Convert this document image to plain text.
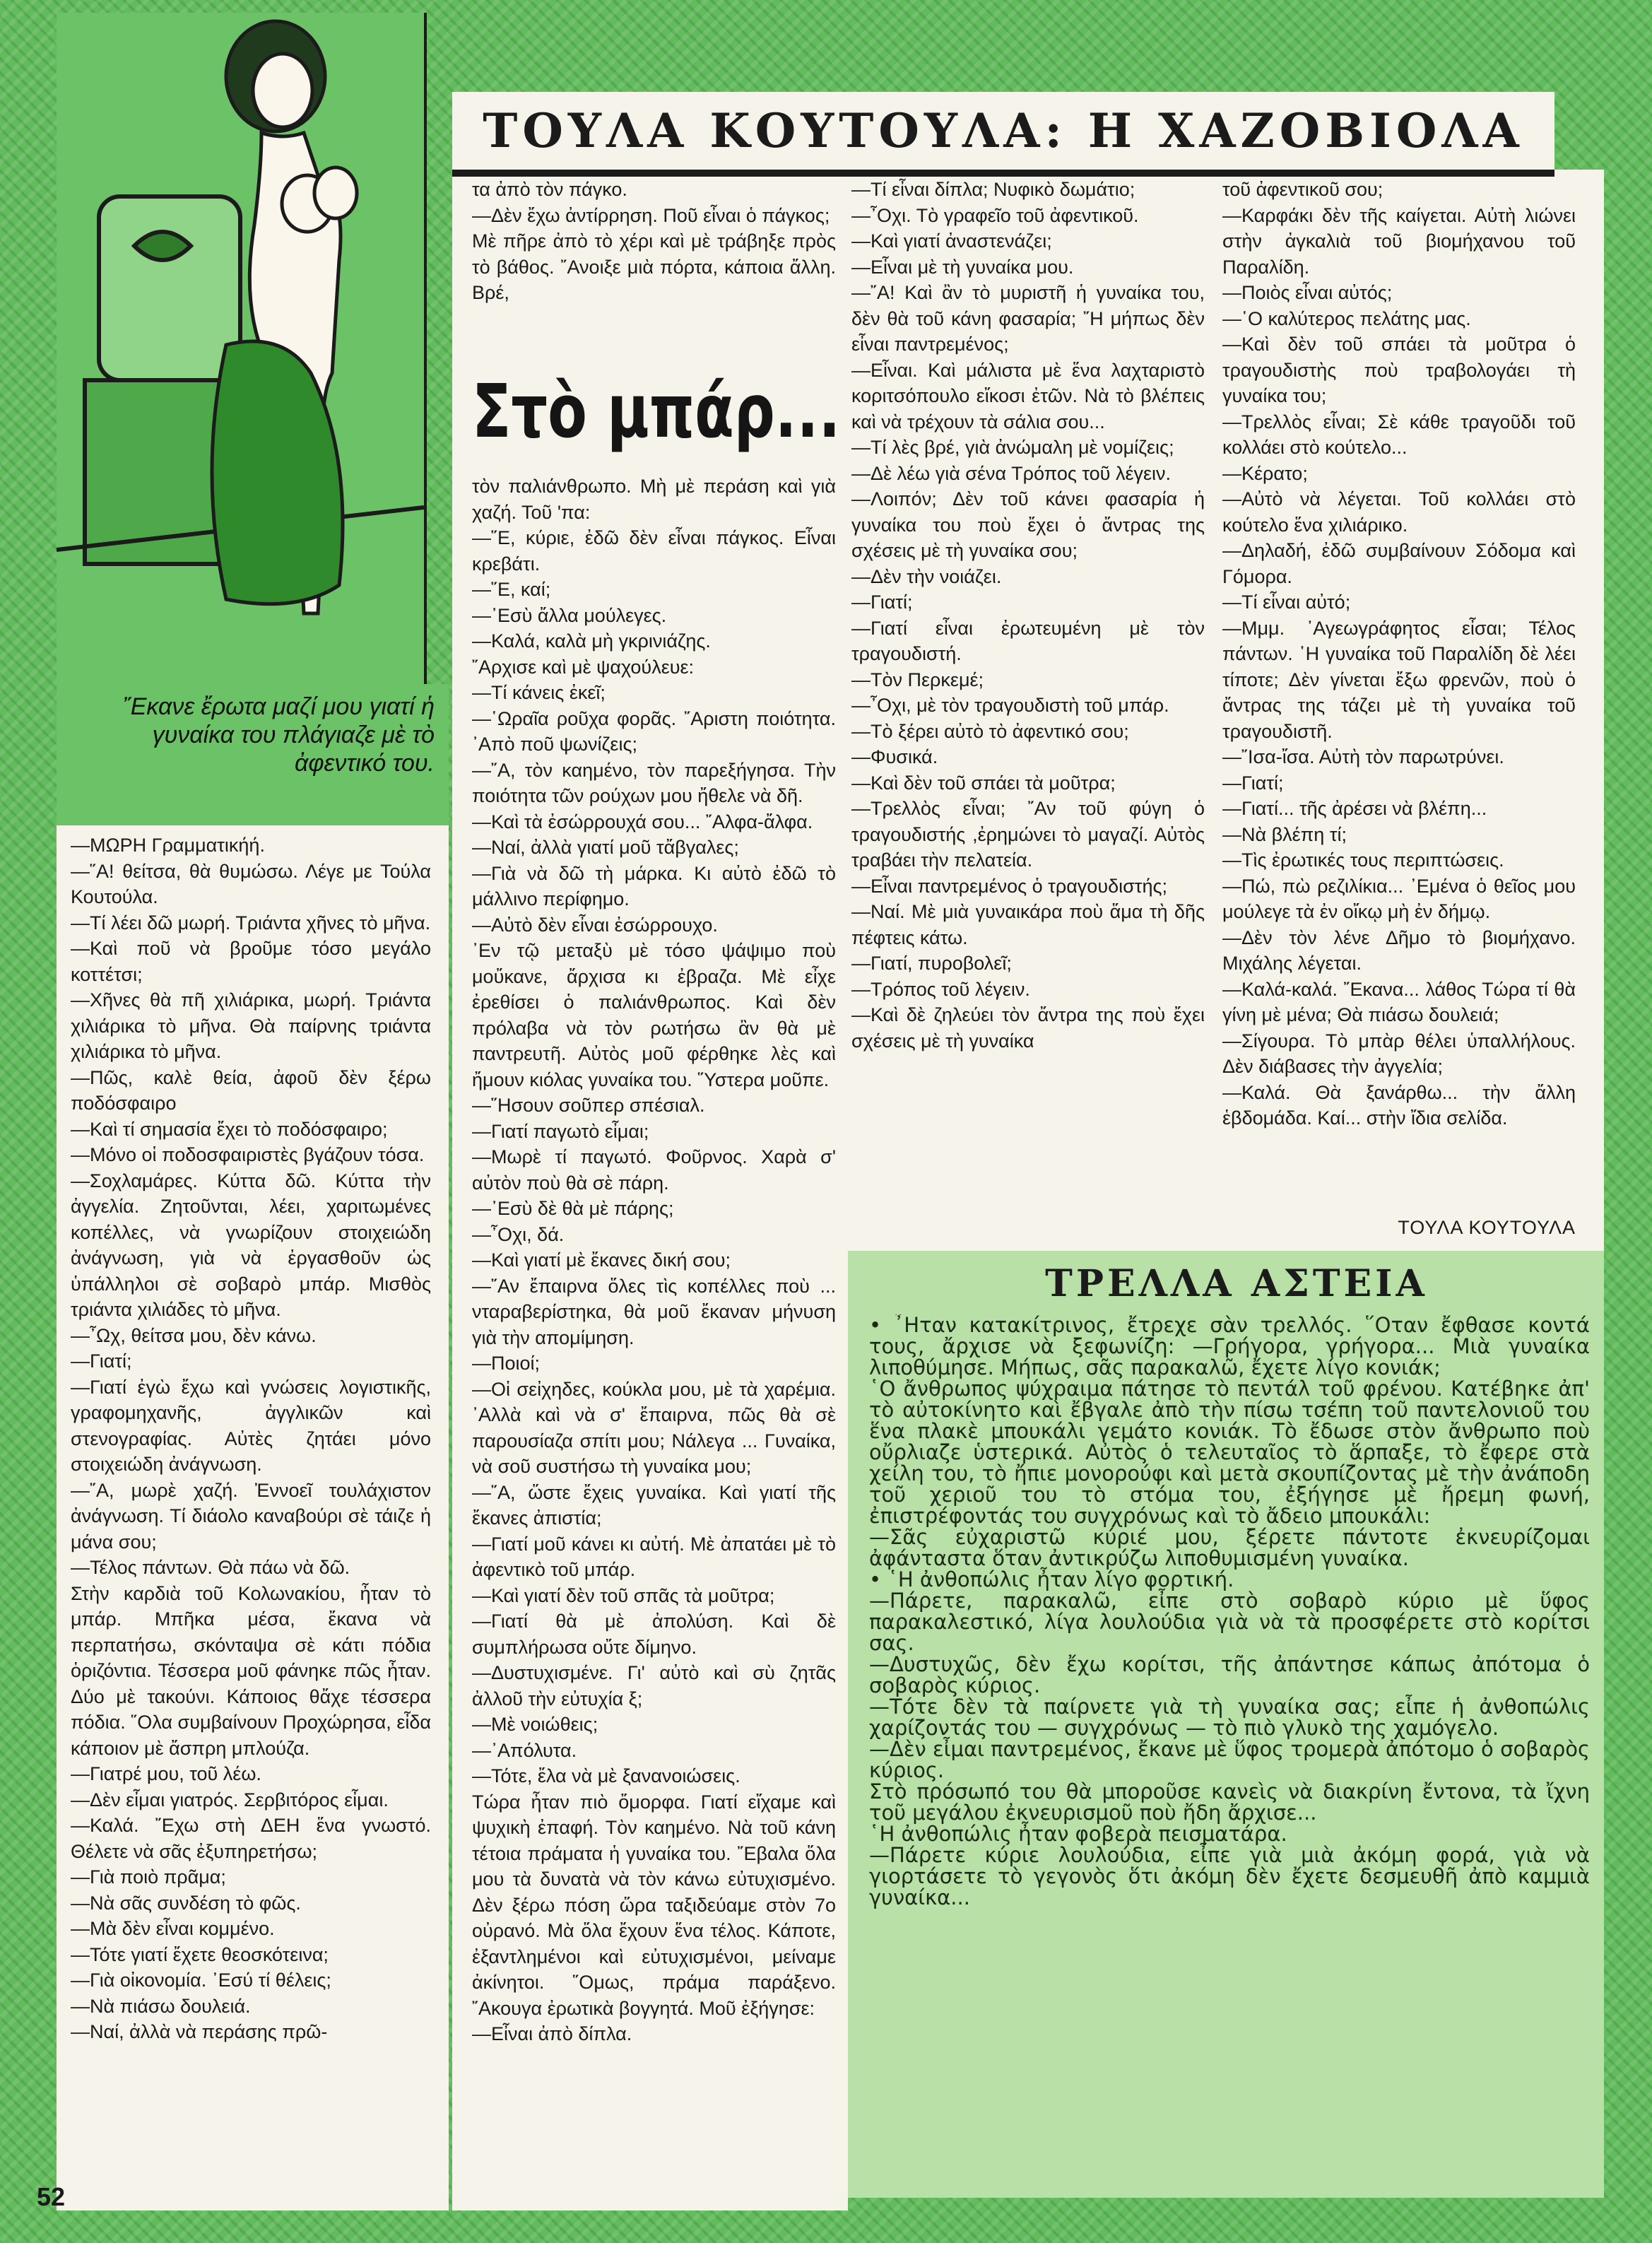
ΤΟΥΛΑ ΚΟΥΤΟΥΛΑ: Η ΧΑΖΟΒΙΟΛΑ

῎Εκανε ἔρωτα μαζί μου γιατί ἡ γυναίκα του πλάγιαζε μὲ τὸ ἀφεντικό του.

Στὸ μπάρ...

—ΜΩΡΗ Γραμματικήή.

—῞Α! θείτσα, θὰ θυμώσω. Λέγε με Τούλα Κουτούλα.

—Τί λέει δῶ μωρή. Τριάντα χῆνες τὸ μῆνα.

—Καὶ ποῦ νὰ βροῦμε τόσο μεγάλο κοττέτσι;

—Χῆνες θὰ πῆ χιλιάρικα, μωρή. Τριάντα χιλιάρικα τὸ μῆνα. Θὰ παίρνης τριάντα χιλιάρικα τὸ μῆνα.

—Πῶς, καλὲ θεία, ἀφοῦ δὲν ξέρω ποδόσφαιρο

—Καὶ τί σημασία ἔχει τὸ ποδόσφαιρο;

—Μόνο οἱ ποδοσφαιριστὲς βγάζουν τόσα.

—Σοχλαμάρες. Κύττα δῶ. Κύττα τὴν ἀγγελία. Ζητοῦνται, λέει, χαριτωμένες κοπέλλες, νὰ γνωρίζουν στοιχειώδη ἀνάγνωση, γιὰ νὰ ἐργασθοῦν ὡς ὑπάλληλοι σὲ σοβαρὸ μπάρ. Μισθὸς τριάντα χιλιάδες τὸ μῆνα.

—῏Ωχ, θείτσα μου, δὲν κάνω.

—Γιατί;

—Γιατί ἐγὼ ἔχω καὶ γνώσεις λογιστικῆς, γραφομηχανῆς, ἀγγλικῶν καὶ στενογραφίας. Αὐτὲς ζητάει μόνο στοιχειώδη ἀνάγνωση.

—῎Α, μωρὲ χαζή. Ἐννοεῖ τουλάχιστον ἀνάγνωση. Τί διάολο καναβούρι σὲ τάιζε ἡ μάνα σου;

—Τέλος πάντων. Θὰ πάω νὰ δῶ.

Στὴν καρδιὰ τοῦ Κολωνακίου, ἦταν τὸ μπάρ. Μπῆκα μέσα, ἔκανα νὰ περπατήσω, σκόνταψα σὲ κάτι πόδια ὁριζόντια. Τέσσερα μοῦ φάνηκε πῶς ἦταν. Δύο μὲ τακούνι. Κάποιος θἄχε τέσσερα πόδια. ῞Ολα συμβαίνουν Προχώρησα, εἶδα κάποιον μὲ ἄσπρη μπλούζα.

—Γιατρέ μου, τοῦ λέω.

—Δὲν εἶμαι γιατρός. Σερβιτόρος εἶμαι.

—Καλά. ῎Εχω στὴ ΔΕΗ ἕνα γνωστό. Θέλετε νὰ σᾶς ἐξυπηρετήσω;

—Γιὰ ποιὸ πρᾶμα;

—Νὰ σᾶς συνδέση τὸ φῶς.

—Μὰ δὲν εἶναι κομμένο.

—Τότε γιατί ἔχετε θεοσκότεινα;

—Γιὰ οἰκονομία. ᾽Εσύ τί θέλεις;

—Νὰ πιάσω δουλειά.

—Ναί, ἀλλὰ νὰ περάσης πρῶ-

τα ἀπὸ τὸν πάγκο.

—Δὲν ἔχω ἀντίρρηση. Ποῦ εἶναι ὁ πάγκος;

Μὲ πῆρε ἀπὸ τὸ χέρι καὶ μὲ τράβηξε πρὸς τὸ βάθος. ῎Ανοιξε μιὰ πόρτα, κάποια ἄλλη. Βρέ,

τὸν παλιάνθρωπο. Μὴ μὲ περάση καὶ γιὰ χαζή. Τοῦ 'πα:

—῞Ε, κύριε, ἐδῶ δὲν εἶναι πάγκος. Εἶναι κρεβάτι.

—῞Ε, καί;

—᾽Εσὺ ἄλλα μούλεγες.

—Καλά, καλὰ μὴ γκρινιάζης.

῎Αρχισε καὶ μὲ ψαχούλευε:

—Τί κάνεις ἐκεῖ;

—῾Ωραῖα ροῦχα φορᾶς. ῎Αριστη ποιότητα. ᾽Απὸ ποῦ ψωνίζεις;

—῎Α, τὸν καημένο, τὸν παρεξήγησα. Τὴν ποιότητα τῶν ρούχων μου ἤθελε νὰ δῆ.

—Καὶ τὰ ἐσώρρουχά σου... ῎Αλφα-ἄλφα.

—Ναί, ἀλλὰ γιατί μοῦ τἄβγαλες;

—Γιὰ νὰ δῶ τὴ μάρκα. Κι αὐτὸ ἐδῶ τὸ μάλλινο περίφημο.

—Αὐτὸ δὲν εἶναι ἐσώρρουχο.

᾽Εν τῷ μεταξὺ μὲ τόσο ψάψιμο ποὺ μοὔκανε, ἄρχισα κι ἐβραζα. Μὲ εἶχε ἐρεθίσει ὁ παλιάνθρωπος. Καὶ δὲν πρόλαβα νὰ τὸν ρωτήσω ἂν θὰ μὲ παντρευτῆ. Αὐτὸς μοῦ φέρθηκε λὲς καὶ ἤμουν κιόλας γυναίκα του. ῞Υστερα μοῦπε.

—῞Ησουν σοῦπερ σπέσιαλ.

—Γιατί παγωτὸ εἶμαι;

—Μωρὲ τί παγωτό. Φοῦρνος. Χαρὰ σ' αὐτὸν ποὺ θὰ σὲ πάρη.

—᾽Εσὺ δὲ θὰ μὲ πάρης;

—῏Οχι, δά.

—Καὶ γιατί μὲ ἔκανες δική σου;

—῎Αν ἔπαιρνα ὅλες τὶς κοπέλλες ποὺ ... νταραβερίστηκα, θὰ μοῦ ἔκαναν μήνυση γιὰ τὴν απομίμηση.

—Ποιοί;

—Οἱ σεἰχηδες, κούκλα μου, μὲ τὰ χαρέμια. ᾽Αλλὰ καὶ νὰ σ' ἔπαιρνα, πῶς θὰ σὲ παρουσίαζα σπίτι μου; Νάλεγα ... Γυναίκα, νὰ σοῦ συστήσω τὴ γυναίκα μου;

—῎Α, ὥστε ἔχεις γυναίκα. Καὶ γιατί τῆς ἔκανες ἀπιστία;

—Γιατί μοῦ κάνει κι αὐτή. Μὲ ἀπατάει μὲ τὸ ἀφεντικὸ τοῦ μπάρ.

—Καὶ γιατί δὲν τοῦ σπᾶς τὰ μοῦτρα;

—Γιατί θὰ μὲ ἀπολύση. Καὶ δὲ συμπλήρωσα οὔτε δίμηνο.

—Δυστυχισμένε. Γι' αὐτὸ καὶ σὺ ζητᾶς ἀλλοῦ τὴν εὐτυχία ξ;

—Μὲ νοιώθεις;

—᾽Απόλυτα.

—Τότε, ἔλα νὰ μὲ ξανανοιώσεις.

Τώρα ἦταν πιὸ ὄμορφα. Γιατί εἴχαμε καὶ ψυχικὴ ἐπαφή. Τὸν καημένο. Νὰ τοῦ κάνη τέτοια πράματα ἡ γυναίκα του. ῎Εβαλα ὅλα μου τὰ δυνατὰ νὰ τὸν κάνω εὐτυχισμένο. Δὲν ξέρω πόση ὥρα ταξιδεύαμε στὸν 7ο οὐρανό. Μὰ ὅλα ἔχουν ἕνα τέλος. Κάποτε, ἐξαντλημένοι καὶ εὐτυχισμένοι, μείναμε ἀκίνητοι. ῞Ομως, πράμα παράξενο. ῎Ακουγα ἐρωτικὰ βογγητά. Μοῦ ἐξήγησε:

—Εἶναι ἀπὸ δίπλα.

—Τί εἶναι δίπλα; Νυφικὸ δωμάτιο;

—῏Οχι. Τὸ γραφεῖο τοῦ ἀφεντικοῦ.

—Καὶ γιατί ἀναστενάζει;

—Εἶναι μὲ τὴ γυναίκα μου.

—῎Α! Καὶ ἂν τὸ μυριστῆ ἡ γυναίκα του, δὲν θὰ τοῦ κάνη φασαρία; ῎Η μήπως δὲν εἶναι παντρεμένος;

—Εἶναι. Καὶ μάλιστα μὲ ἕνα λαχταριστὸ κοριτσόπουλο εἴκοσι ἐτῶν. Νὰ τὸ βλέπεις καὶ νὰ τρέχουν τὰ σάλια σου...

—Τί λὲς βρέ, γιὰ ἀνώμαλη μὲ νομίζεις;

—Δὲ λέω γιὰ σένα Τρόπος τοῦ λέγειν.

—Λοιπόν; Δὲν τοῦ κάνει φασαρία ἡ γυναίκα του ποὺ ἔχει ὁ ἄντρας της σχέσεις μὲ τὴ γυναίκα σου;

—Δὲν τὴν νοιάζει.

—Γιατί;

—Γιατί εἶναι ἐρωτευμένη μὲ τὸν τραγουδιστή.

—Τὸν Περκεμέ;

—῏Οχι, μὲ τὸν τραγουδιστὴ τοῦ μπάρ.

—Τὸ ξέρει αὐτὸ τὸ ἀφεντικό σου;

—Φυσικά.

—Καὶ δὲν τοῦ σπάει τὰ μοῦτρα;

—Τρελλὸς εἶναι; ῎Αν τοῦ φύγη ὁ τραγουδιστής ,ἐρημώνει τὸ μαγαζί. Αὐτὸς τραβάει τὴν πελατεία.

—Εἶναι παντρεμένος ὁ τραγουδιστής;

—Ναί. Μὲ μιὰ γυναικάρα ποὺ ἅμα τὴ δῆς πέφτεις κάτω.

—Γιατί, πυροβολεῖ;

—Τρόπος τοῦ λέγειν.

—Καὶ δὲ ζηλεύει τὸν ἄντρα της ποὺ ἔχει σχέσεις μὲ τὴ γυναίκα

τοῦ ἀφεντικοῦ σου;

—Καρφάκι δὲν τῆς καίγεται. Αὐτὴ λιώνει στὴν ἀγκαλιὰ τοῦ βιομήχανου τοῦ Παραλίδη.

—Ποιὸς εἶναι αὐτός;

—῾Ο καλύτερος πελάτης μας.

—Καὶ δὲν τοῦ σπάει τὰ μοῦτρα ὁ τραγουδιστὴς ποὺ τραβολογάει τὴ γυναίκα του;

—Τρελλὸς εἶναι; Σὲ κάθε τραγοῦδι τοῦ κολλάει στὸ κούτελο...

—Κέρατο;

—Αὐτὸ νὰ λέγεται. Τοῦ κολλάει στὸ κούτελο ἕνα χιλιάρικο.

—Δηλαδή, ἐδῶ συμβαίνουν Σόδομα καὶ Γόμορα.

—Τί εἶναι αὐτό;

—Μμμ. ᾽Αγεωγράφητος εἶσαι; Τέλος πάντων. ῾Η γυναίκα τοῦ Παραλίδη δὲ λέει τίποτε; Δὲν γίνεται ἔξω φρενῶν, ποὺ ὁ ἄντρας της τάζει μὲ τὴ γυναίκα τοῦ τραγουδιστῆ.

—῎Ισα-ἴσα. Αὐτὴ τὸν παρωτρύνει.

—Γιατί;

—Γιατί... τῆς ἀρέσει νὰ βλέπη...

—Νὰ βλέπη τί;

—Τὶς ἐρωτικές τους περιπτώσεις.

—Πώ, πὼ ρεζιλίκια... ᾽Εμένα ὁ θεῖος μου μούλεγε τὰ ἐν οἴκῳ μὴ ἐν δήμῳ.

—Δὲν τὸν λένε Δῆμο τὸ βιομήχανο. Μιχάλης λέγεται.

—Καλά-καλά. ῎Εκανα... λάθος Τώρα τί θὰ γίνη μὲ μένα; Θὰ πιάσω δουλειά;

—Σίγουρα. Τὸ μπὰρ θέλει ὑπαλλήλους. Δὲν διάβασες τὴν ἀγγελία;

—Καλά. Θὰ ξανάρθω... τὴν ἄλλη ἑβδομάδα. Καί... στὴν ἴδια σελίδα.

ΤΟΥΛΑ ΚΟΥΤΟΥΛΑ
ΤΡΕΛΛΑ ΑΣΤΕΙΑ

• ῏Ηταν κατακίτρινος, ἔτρεχε σὰν τρελλός. ῞Οταν ἔφθασε κοντά τους, ἄρχισε νὰ ξεφωνίζη: —Γρήγορα, γρήγορα... Μιὰ γυναίκα λιποθύμησε. Μήπως, σᾶς παρακαλῶ, ἔχετε λίγο κονιάκ;

῾Ο ἄνθρωπος ψύχραιμα πάτησε τὸ πεντάλ τοῦ φρένου. Κατέβηκε ἀπ' τὸ αὐτοκίνητο καὶ ἔβγαλε ἀπὸ τὴν πίσω τσέπη τοῦ παντελονιοῦ του ἕνα πλακὲ μπουκάλι γεμάτο κονιάκ. Τὸ ἔδωσε στὸν ἄνθρωπο ποὺ οὔρλιαζε ὑστερικά. Αὐτὸς ὁ τελευταῖος τὸ ἅρπαξε, τὸ ἔφερε στὰ χείλη του, τὸ ἤπιε μονορούφι καὶ μετὰ σκουπίζοντας μὲ τὴν ἀνάποδη τοῦ χεριοῦ του τὸ στόμα του, ἐξήγησε μὲ ἤρεμη φωνή, ἐπιστρέφοντάς του συγχρόνως καὶ τὸ ἄδειο μπουκάλι:

—Σᾶς εὐχαριστῶ κύριέ μου, ξέρετε πάντοτε ἐκνευρίζομαι ἀφάνταστα ὅταν ἀντικρύζω λιποθυμισμένη γυναίκα.

• ῾Η ἀνθοπώλις ἦταν λίγο φορτική.

—Πάρετε, παρακαλῶ, εἶπε στὸ σοβαρὸ κύριο μὲ ὕφος παρακαλεστικό, λίγα λουλούδια γιὰ νὰ τὰ προσφέρετε στὸ κορίτσι σας.

—Δυστυχῶς, δὲν ἔχω κορίτσι, τῆς ἀπάντησε κάπως ἀπότομα ὁ σοβαρὸς κύριος.

—Τότε δὲν τὰ παίρνετε γιὰ τὴ γυναίκα σας; εἶπε ἡ ἀνθοπώλις χαρίζοντάς του — συγχρόνως — τὸ πιὸ γλυκὸ της χαμόγελο.

—Δὲν εἶμαι παντρεμένος, ἔκανε μὲ ὕφος τρομερὰ ἀπότομο ὁ σοβαρὸς κύριος.

Στὸ πρόσωπό του θὰ μποροῦσε κανεὶς νὰ διακρίνη ἔντονα, τὰ ἴχνη τοῦ μεγάλου ἐκνευρισμοῦ ποὺ ἤδη ἄρχισε...

῾Η ἀνθοπώλις ἦταν φοβερὰ πεισματάρα.

—Πάρετε κύριε λουλούδια, εἶπε γιὰ μιὰ ἀκόμη φορά, γιὰ νὰ γιορτάσετε τὸ γεγονὸς ὅτι ἀκόμη δὲν ἔχετε δεσμευθῆ ἀπὸ καμμιὰ γυναίκα...

52
